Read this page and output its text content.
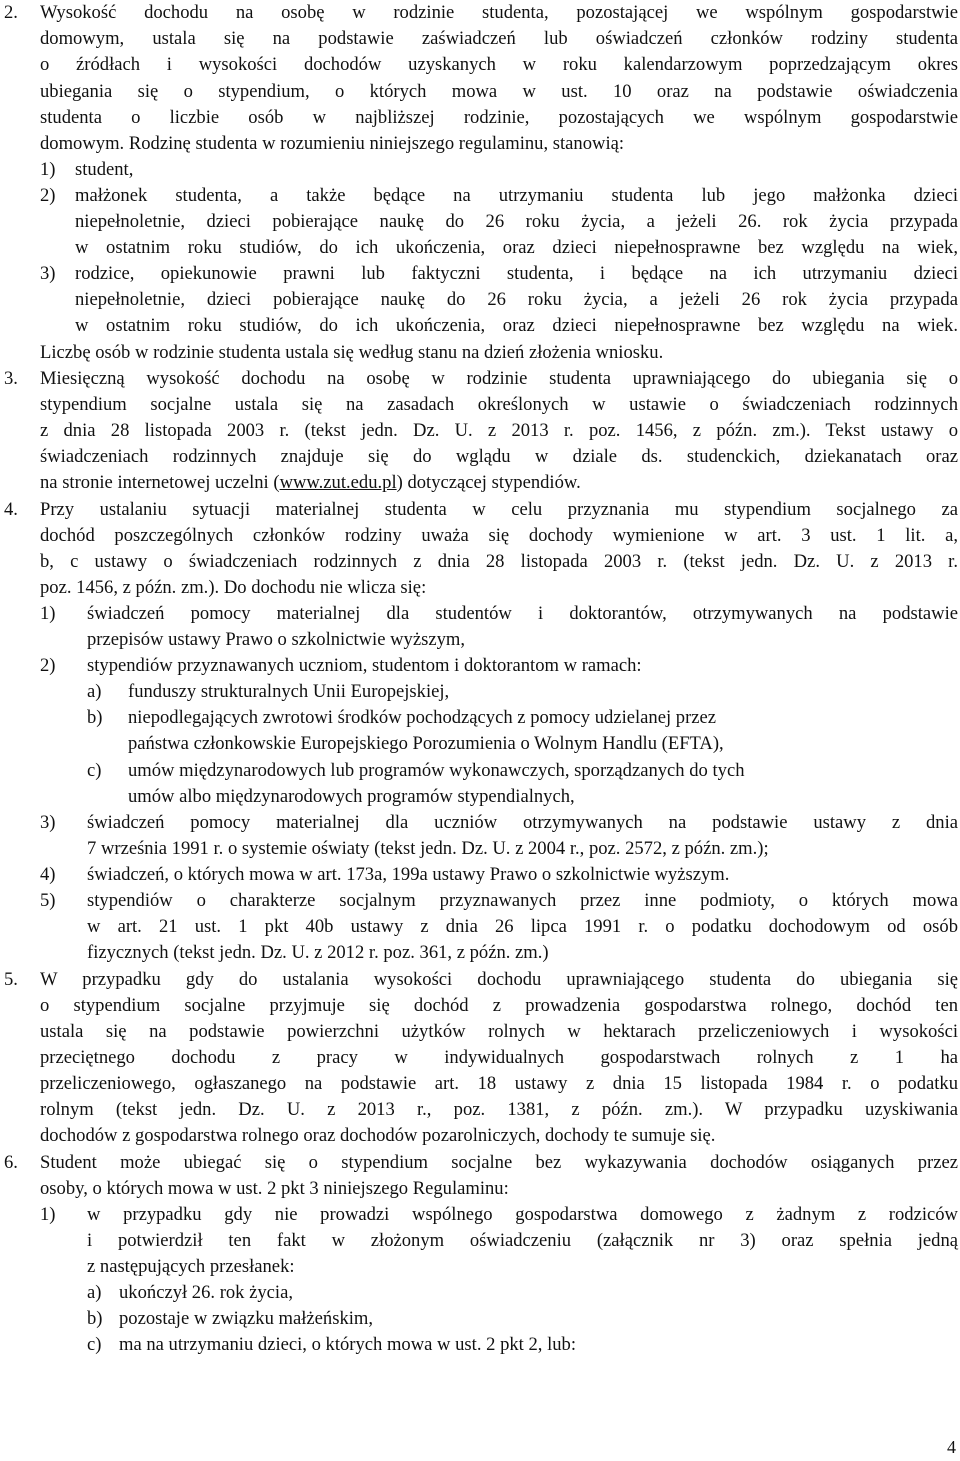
2. Wysokość dochodu na osobę w rodzinie studenta, pozostającej we wspólnym gospodarstwie
domowym, ustala się na podstawie zaświadczeń lub oświadczeń członków rodziny studenta
o źródłach i wysokości dochodów uzyskanych w roku kalendarzowym poprzedzającym okres
ubiegania się o stypendium, o których mowa w ust. 10 oraz na podstawie oświadczenia
studenta o liczbie osób w najbliższej rodzinie, pozostających we wspólnym gospodarstwie
domowym. Rodzinę studenta w rozumieniu niniejszego regulaminu, stanowią:
1) student,
2) małżonek studenta, a także będące na utrzymaniu studenta lub jego małżonka dzieci
niepełnoletnie, dzieci pobierające naukę do 26 roku życia, a jeżeli 26. rok życia przypada
w ostatnim roku studiów, do ich ukończenia, oraz dzieci niepełnosprawne bez względu na wiek,
3) rodzice, opiekunowie prawni lub faktyczni studenta, i będące na ich utrzymaniu dzieci
niepełnoletnie, dzieci pobierające naukę do 26 roku życia, a jeżeli 26 rok życia przypada
w ostatnim roku studiów, do ich ukończenia, oraz dzieci niepełnosprawne bez względu na wiek.
Liczbę osób w rodzinie studenta ustala się według stanu na dzień złożenia wniosku.
3. Miesięczną wysokość dochodu na osobę w rodzinie studenta uprawniającego do ubiegania się o
stypendium socjalne ustala się na zasadach określonych w ustawie o świadczeniach rodzinnych
z dnia 28 listopada 2003 r. (tekst jedn. Dz. U. z 2013 r. poz. 1456, z późn. zm.). Tekst ustawy o
świadczeniach rodzinnych znajduje się do wglądu w dziale ds. studenckich, dziekanatach oraz
na stronie internetowej uczelni (www.zut.edu.pl) dotyczącej stypendiów.
4. Przy ustalaniu sytuacji materialnej studenta w celu przyznania mu stypendium socjalnego za
dochód poszczególnych członków rodziny uważa się dochody wymienione w art. 3 ust. 1 lit. a,
b, c ustawy o świadczeniach rodzinnych z dnia 28 listopada 2003 r. (tekst jedn. Dz. U. z 2013 r.
poz. 1456, z późn. zm.). Do dochodu nie wlicza się:
1) świadczeń pomocy materialnej dla studentów i doktorantów, otrzymywanych na podstawie
przepisów ustawy Prawo o szkolnictwie wyższym,
2) stypendiów przyznawanych uczniom, studentom i doktorantom w ramach:
a) funduszy strukturalnych Unii Europejskiej,
b) niepodlegających zwrotowi środków pochodzących z pomocy udzielanej przez
państwa członkowskie Europejskiego Porozumienia o Wolnym Handlu (EFTA),
c) umów międzynarodowych lub programów wykonawczych, sporządzanych do tych
umów albo międzynarodowych programów stypendialnych,
3) świadczeń pomocy materialnej dla uczniów otrzymywanych na podstawie ustawy z dnia
7 września 1991 r. o systemie oświaty (tekst jedn. Dz. U. z 2004 r., poz. 2572, z późn. zm.);
4) świadczeń, o których mowa w art. 173a, 199a ustawy Prawo o szkolnictwie wyższym.
5) stypendiów o charakterze socjalnym przyznawanych przez inne podmioty, o których mowa
w art. 21 ust. 1 pkt 40b ustawy z dnia 26 lipca 1991 r. o podatku dochodowym od osób
fizycznych (tekst jedn. Dz. U. z 2012 r. poz. 361, z późn. zm.)
5. W przypadku gdy do ustalania wysokości dochodu uprawniającego studenta do ubiegania się
o stypendium socjalne przyjmuje się dochód z prowadzenia gospodarstwa rolnego, dochód ten
ustala się na podstawie powierzchni użytków rolnych w hektarach przeliczeniowych i wysokości
przeciętnego dochodu z pracy w indywidualnych gospodarstwach rolnych z 1 ha
przeliczeniowego, ogłaszanego na podstawie art. 18 ustawy z dnia 15 listopada 1984 r. o podatku
rolnym (tekst jedn. Dz. U. z 2013 r., poz. 1381, z późn. zm.). W przypadku uzyskiwania
dochodów z gospodarstwa rolnego oraz dochodów pozarolniczych, dochody te sumuje się.
6. Student może ubiegać się o stypendium socjalne bez wykazywania dochodów osiąganych przez
osoby, o których mowa w ust. 2 pkt 3 niniejszego Regulaminu:
1) w przypadku gdy nie prowadzi wspólnego gospodarstwa domowego z żadnym z rodziców
i potwierdził ten fakt w złożonym oświadczeniu (załącznik nr 3) oraz spełnia jedną
z następujących przesłanek:
a) ukończył 26. rok życia,
b) pozostaje w związku małżeńskim,
c) ma na utrzymaniu dzieci, o których mowa w ust. 2 pkt 2, lub:
4
